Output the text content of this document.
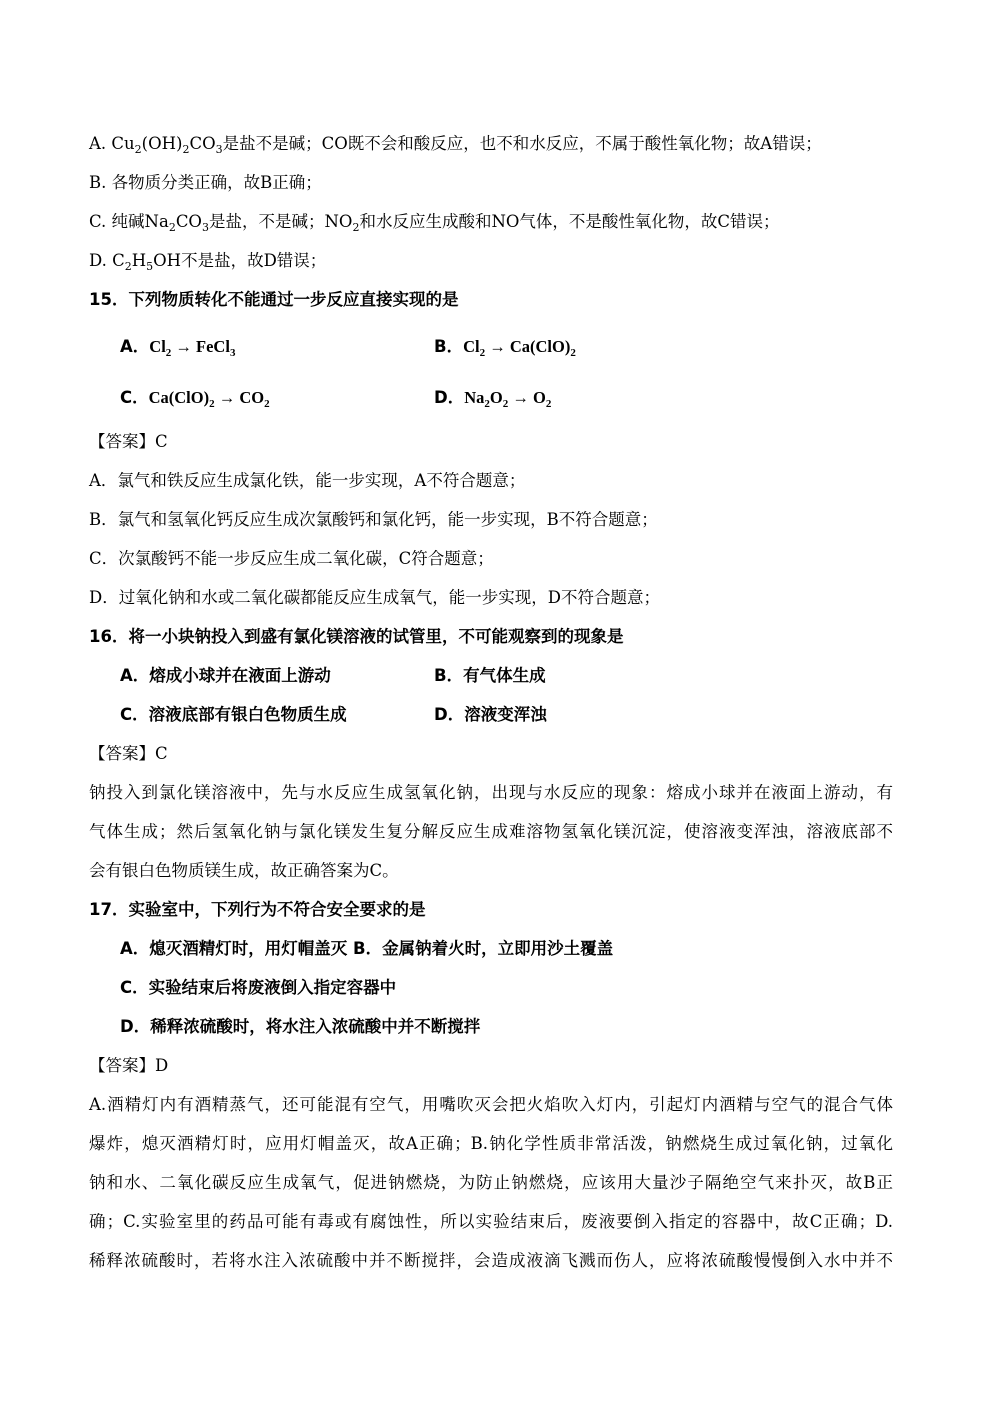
A. $Cu_2(OH)_2CO_3$是盐不是碱；CO既不会和酸反应，也不和水反应，不属于酸性氧化物；故A错误；
B. 各物质分类正确，故B正确；
C. 纯碱$Na_2CO_3$是盐，不是碱；$NO_2$和水反应生成酸和NO气体，不是酸性氧化物，故C错误；
D. $C_2H_5OH$不是盐，故D错误；
15．下列物质转化不能通过一步反应直接实现的是
A．$Cl_2$ → FeCl$_3$	B．$Cl_2 \to Ca(ClO)_2$
C．$Ca(ClO)_2 \to CO_2$	D．$Na_2O_2 \to O_2$
【答案】C
A．氯气和铁反应生成氯化铁，能一步实现，A不符合题意；
B．氯气和氢氧化钙反应生成次氯酸钙和氯化钙，能一步实现，B不符合题意；
C．次氯酸钙不能一步反应生成二氧化碳，C符合题意；
D．过氧化钠和水或二氧化碳都能反应生成氧气，能一步实现，D不符合题意；
16．将一小块钠投入到盛有氯化镁溶液的试管里，不可能观察到的现象是
A．熔成小球并在液面上游动	B．有气体生成
C．溶液底部有银白色物质生成	D．溶液变浑浊
【答案】C
钠投入到氯化镁溶液中，先与水反应生成氢氧化钠，出现与水反应的现象：熔成小球并在液面上游动，有
气体生成；然后氢氧化钠与氯化镁发生复分解反应生成难溶物氢氧化镁沉淀，使溶液变浑浊，溶液底部不
会有银白色物质镁生成，故正确答案为C。
17．实验室中，下列行为不符合安全要求的是
A．熄灭酒精灯时，用灯帽盖灭 B．金属钠着火时，立即用沙土覆盖
C．实验结束后将废液倒入指定容器中
D．稀释浓硫酸时，将水注入浓硫酸中并不断搅拌
【答案】D
A.酒精灯内有酒精蒸气，还可能混有空气，用嘴吹灭会把火焰吹入灯内，引起灯内酒精与空气的混合气体
爆炸，熄灭酒精灯时，应用灯帽盖灭，故A正确；B.钠化学性质非常活泼，钠燃烧生成过氧化钠，过氧化
钠和水、二氧化碳反应生成氧气，促进钠燃烧，为防止钠燃烧，应该用大量沙子隔绝空气来扑灭，故B正
确；C.实验室里的药品可能有毒或有腐蚀性，所以实验结束后，废液要倒入指定的容器中，故C正确；D.
稀释浓硫酸时，若将水注入浓硫酸中并不断搅拌，会造成液滴飞溅而伤人，应将浓硫酸慢慢倒入水中并不
